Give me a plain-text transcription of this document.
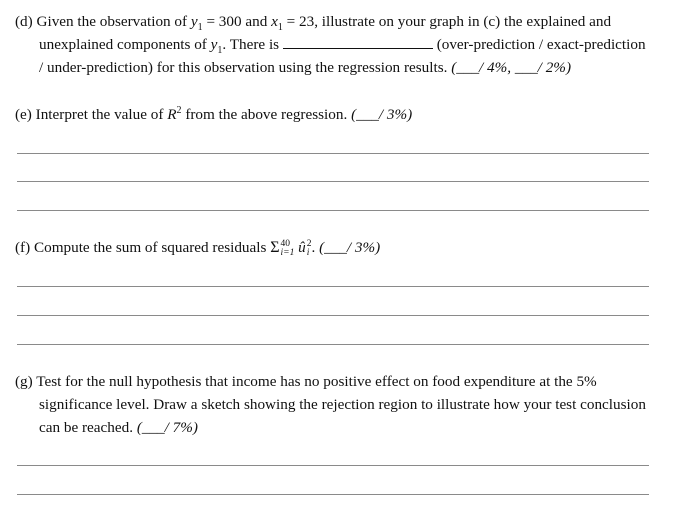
(d) Given the observation of $y_1 = 300$ and $x_1 = 23$, illustrate on your graph in (c) the explained and

unexplained components of $y_1$. There is	(over-prediction / exact-prediction

/ under-prediction) for this observation using the regression results. (___/ 4%, ___/ 2%)

(e) Interpret the value of $R^2$ from the above regression. (___/ 3%)

(f) Compute the sum of squared residuals Σ 40
i=1 û 2
i . (___/ 3%)

(g) Test for the null hypothesis that income has no positive effect on food expenditure at the 5%

significance level. Draw a sketch showing the rejection region to illustrate how your test conclusion

can be reached. (___/ 7%)
